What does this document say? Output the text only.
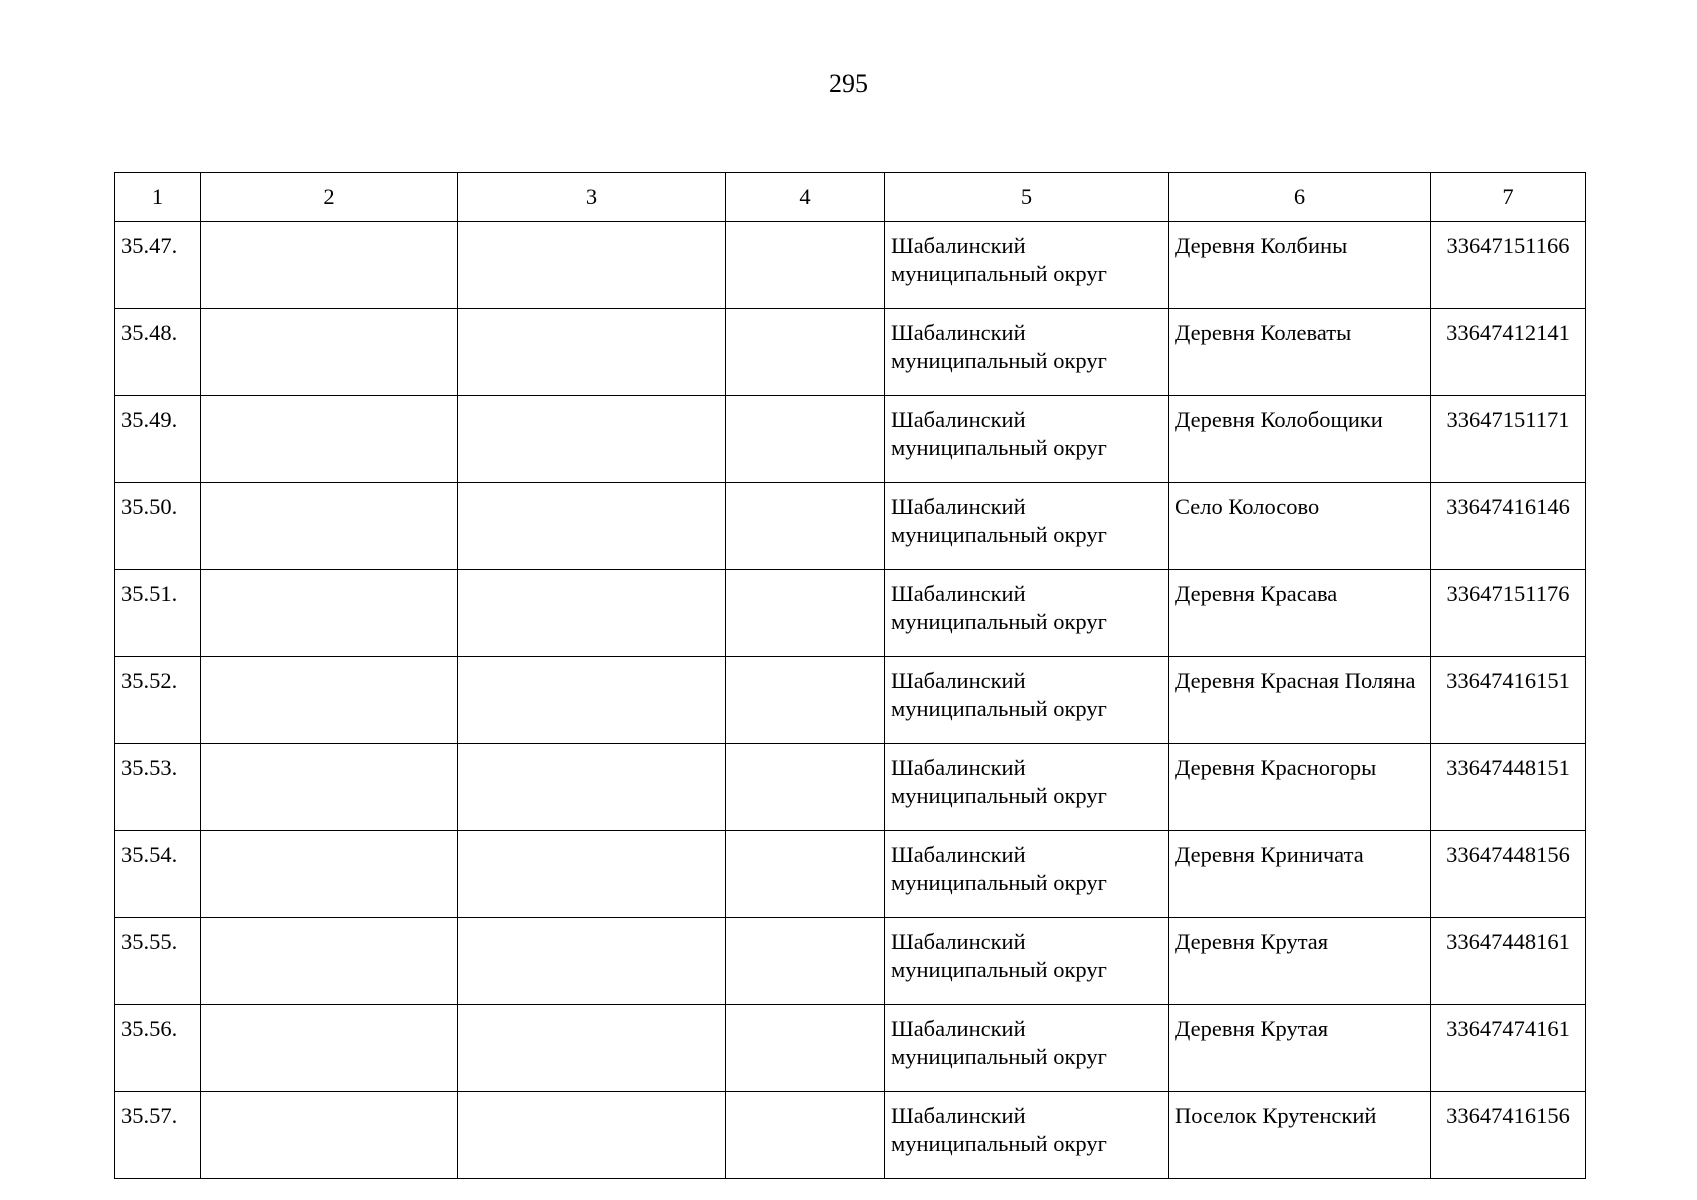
295
1	2	3	4	5	6	7
35.47.				Шабалинский муниципальный округ	Деревня Колбины	33647151166
35.48.				Шабалинский муниципальный округ	Деревня Колеваты	33647412141
35.49.				Шабалинский муниципальный округ	Деревня Колобощики	33647151171
35.50.				Шабалинский муниципальный округ	Село Колосово	33647416146
35.51.				Шабалинский муниципальный округ	Деревня Красава	33647151176
35.52.				Шабалинский муниципальный округ	Деревня Красная Поляна	33647416151
35.53.				Шабалинский муниципальный округ	Деревня Красногоры	33647448151
35.54.				Шабалинский муниципальный округ	Деревня Криничата	33647448156
35.55.				Шабалинский муниципальный округ	Деревня Крутая	33647448161
35.56.				Шабалинский муниципальный округ	Деревня Крутая	33647474161
35.57.				Шабалинский муниципальный округ	Поселок Крутенский	33647416156
